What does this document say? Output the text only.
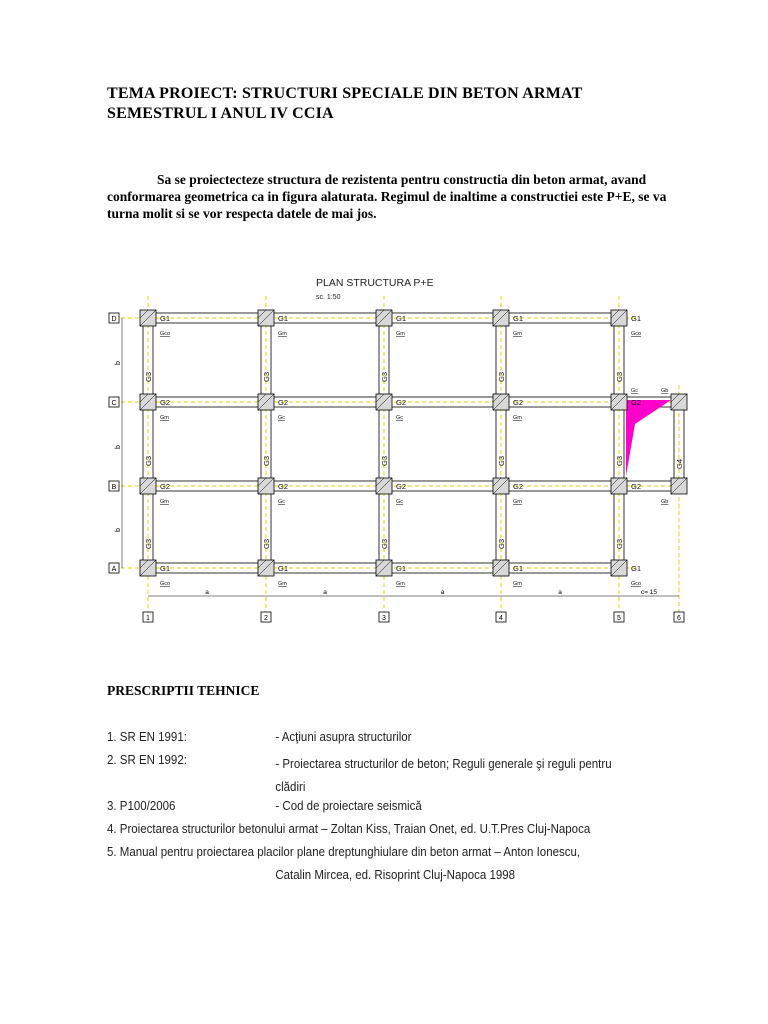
TEMA PROIECT: STRUCTURI SPECIALE DIN BETON ARMAT
SEMESTRUL I ANUL IV CCIA

Sa se proiectecteze structura de rezistenta pentru constructia din beton armat, avand conformarea geometrica ca in figura alaturata. Regimul de inaltime a constructiei este P+E, se va turna molit si se vor respecta datele de mai jos.

PLAN STRUCTURA P+E
sc. 1:50
G1
Gco
G1
Gm
G1
Gm
G1
Gm
G1
Gco
G2
Gm
G2
Gc
G2
Gc
G2
Gm
G2
G2
Gm
G2
Gc
G2
Gc
G2
Gm
G2
G1
Gco
G1
Gm
G1
Gm
G1
Gm
G1
Gco
Gc	Gb
Gb
G3
G3
G3
G3
G3
G3
G3
G3
G3
G3
G3
G3
G3
G3
G3
G4
D
C
B
A
b
b
b
a	a	a	a	c= 15
1	2	3	4	5	6
PRESCRIPTII TEHNICE
1. SR EN 1991:	- Acţiuni asupra structurilor
2. SR EN 1992:	- Proiectarea structurilor de beton; Reguli generale şi reguli pentru clădiri
3. P100/2006	- Cod de proiectare seismică
4. Proiectarea structurilor betonului armat – Zoltan Kiss, Traian Onet, ed. U.T.Pres Cluj-Napoca
5. Manual pentru proiectarea placilor plane dreptunghiulare din beton armat – Anton Ionescu,
Catalin Mircea, ed. Risoprint Cluj-Napoca 1998
